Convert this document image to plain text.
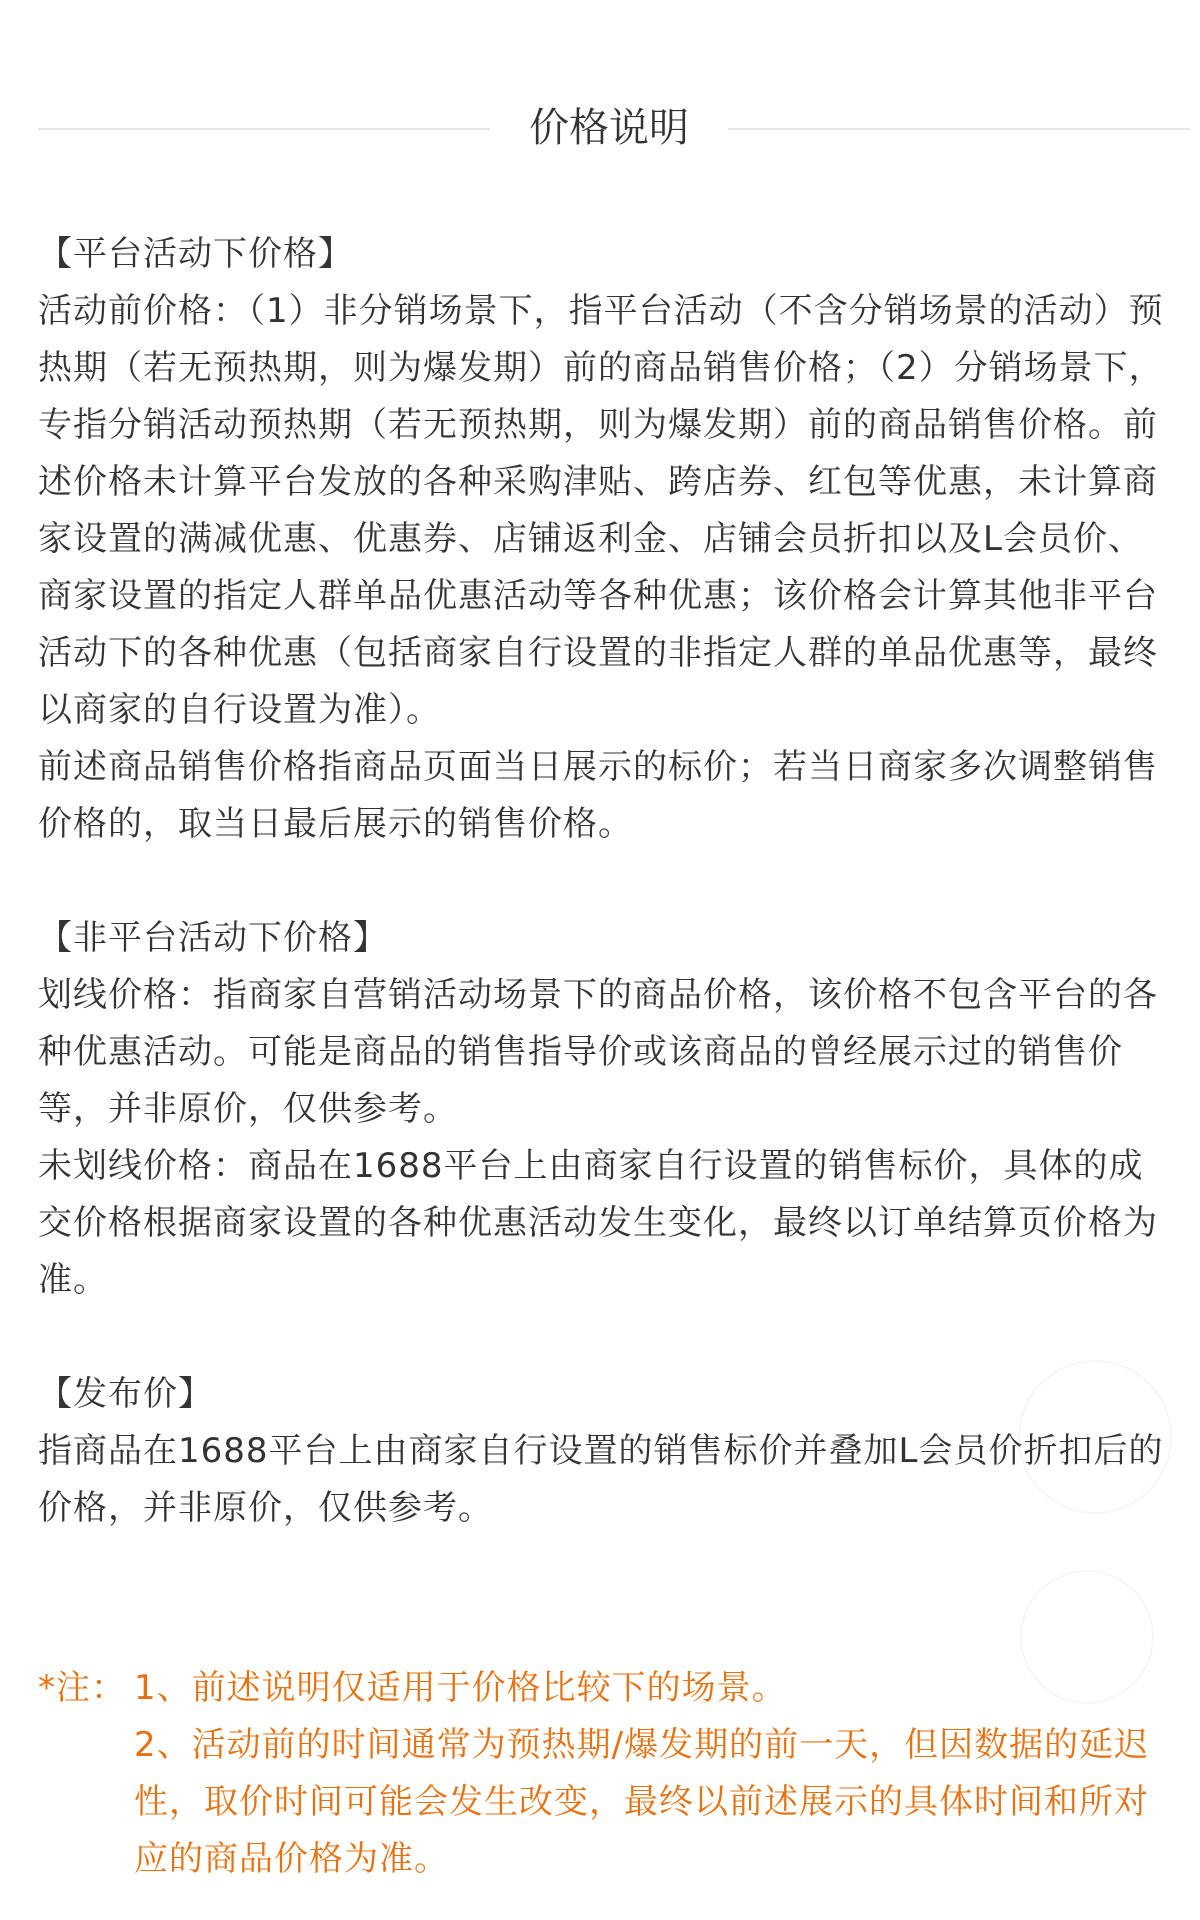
价格说明

【平台活动下价格】

活动前价格：（1）非分销场景下，指平台活动（不含分销场景的活动）预热期（若无预热期，则为爆发期）前的商品销售价格；（2）分销场景下，专指分销活动预热期（若无预热期，则为爆发期）前的商品销售价格。前述价格未计算平台发放的各种采购津贴、跨店券、红包等优惠，未计算商家设置的满减优惠、优惠券、店铺返利金、店铺会员折扣以及L会员价、商家设置的指定人群单品优惠活动等各种优惠；该价格会计算其他非平台活动下的各种优惠（包括商家自行设置的非指定人群的单品优惠等，最终以商家的自行设置为准）。

前述商品销售价格指商品页面当日展示的标价；若当日商家多次调整销售价格的，取当日最后展示的销售价格。

【非平台活动下价格】

划线价格：指商家自营销活动场景下的商品价格，该价格不包含平台的各种优惠活动。可能是商品的销售指导价或该商品的曾经展示过的销售价等，并非原价，仅供参考。

未划线价格：商品在1688平台上由商家自行设置的销售标价，具体的成交价格根据商家设置的各种优惠活动发生变化，最终以订单结算页价格为准。

【发布价】

指商品在1688平台上由商家自行设置的销售标价并叠加L会员价折扣后的价格，并非原价，仅供参考。

*注： 1、前述说明仅适用于价格比较下的场景。
2、活动前的时间通常为预热期/爆发期的前一天，但因数据的延迟性，取价时间可能会发生改变，最终以前述展示的具体时间和所对应的商品价格为准。
